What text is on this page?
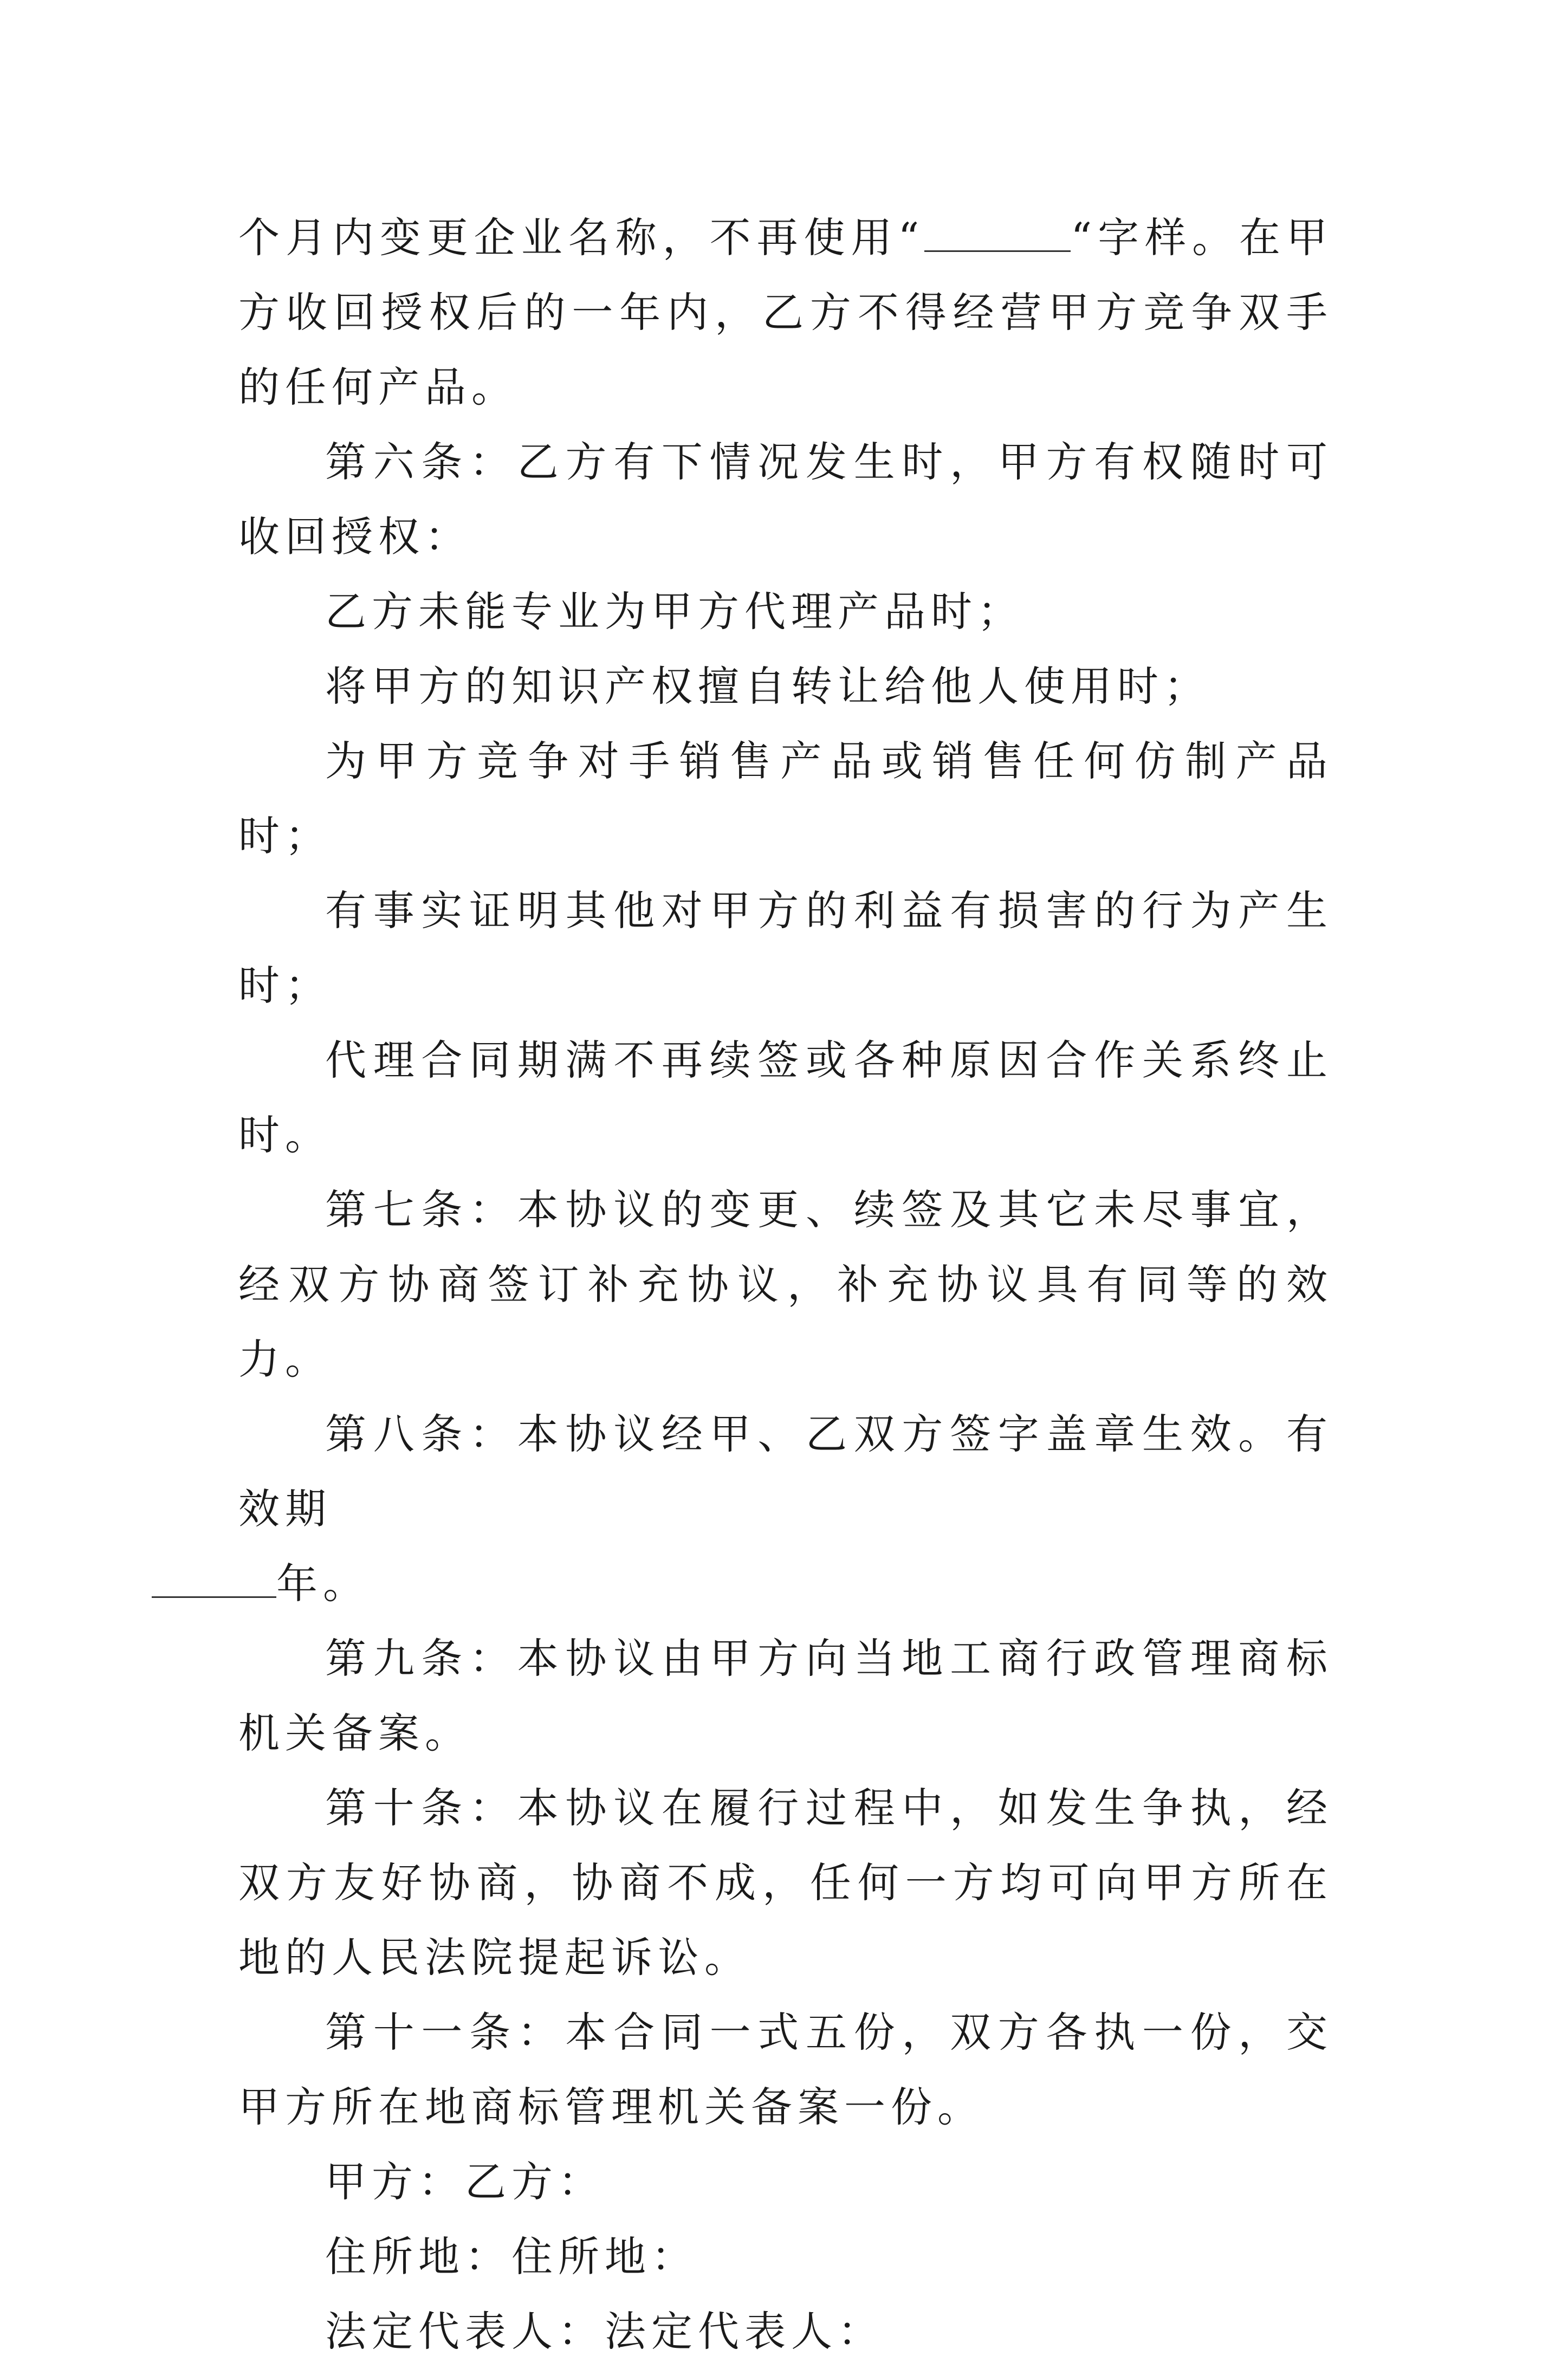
个月内变更企业名称，不再使用“	“字样。在甲方收回授权后的一年内，乙方不得经营甲方竞争双手的任何产品。

第六条：乙方有下情况发生时，甲方有权随时可收回授权：

乙方未能专业为甲方代理产品时；

将甲方的知识产权擅自转让给他人使用时；

为甲方竞争对手销售产品或销售任何仿制产品时；

有事实证明其他对甲方的利益有损害的行为产生时；

代理合同期满不再续签或各种原因合作关系终止时。

第七条：本协议的变更、续签及其它未尽事宜，经双方协商签订补充协议，补充协议具有同等的效力。

第八条：本协议经甲、乙双方签字盖章生效。有效期
年。

第九条：本协议由甲方向当地工商行政管理商标机关备案。

第十条：本协议在履行过程中，如发生争执，经双方友好协商，协商不成，任何一方均可向甲方所在地的人民法院提起诉讼。

第十一条：本合同一式五份，双方各执一份，交甲方所在地商标管理机关备案一份。

甲方：乙方：

住所地：住所地：

法定代表人：法定代表人：
